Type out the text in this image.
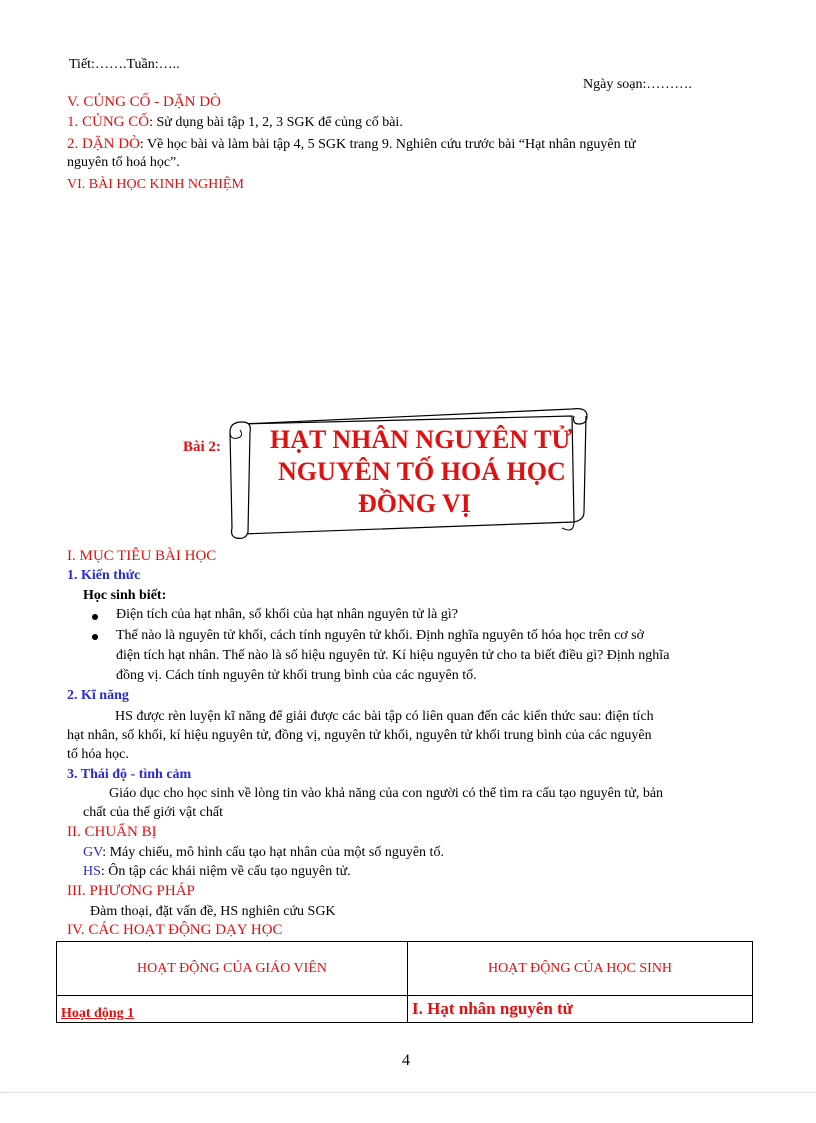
Tiết:…….Tuần:…..
Ngày soạn:……….
V. CỦNG CỐ - DẶN DÒ
1. CỦNG CỐ: Sử dụng bài tập 1, 2, 3 SGK để củng cố bài.
2. DẶN DÒ: Về học bài và làm bài tập 4, 5 SGK trang 9. Nghiên cứu trước bài “Hạt nhân nguyên tử
nguyên tố hoá học”.
VI. BÀI HỌC KINH NGHIỆM
Bài 2: HẠT NHÂN NGUYÊN TỬ
NGUYÊN TỐ HOÁ HỌC
ĐỒNG VỊ
I. MỤC TIÊU BÀI HỌC
1. Kiến thức
Học sinh biết:
Điện tích của hạt nhân, số khối của hạt nhân nguyên tử là gì?
Thế nào là nguyên tử khối, cách tính nguyên tử khối. Định nghĩa nguyên tố hóa học trên cơ sở
điện tích hạt nhân. Thế nào là số hiệu nguyên tử. Kí hiệu nguyên tử cho ta biết điều gì? Định nghĩa
đồng vị. Cách tính nguyên tử khối trung bình của các nguyên tố.
2. Kĩ năng
HS được rèn luyện kĩ năng để giải được các bài tập có liên quan đến các kiến thức sau: điện tích
hạt nhân, số khối, kí hiệu nguyên tử, đồng vị, nguyên tử khối, nguyên tử khối trung bình của các nguyên
tố hóa học.
3. Thái độ - tình cảm
Giáo dục cho học sinh về lòng tin vào khả năng của con người có thể tìm ra cấu tạo nguyên tử, bản
chất của thế giới vật chất
II. CHUẨN BỊ
GV: Máy chiếu, mô hình cấu tạo hạt nhân của một số nguyên tố.
HS: Ôn tập các khái niệm về cấu tạo nguyên tử.
III. PHƯƠNG PHÁP
Đàm thoại, đặt vấn đề, HS nghiên cứu SGK
IV. CÁC HOẠT ĐỘNG DẠY HỌC
HOẠT ĐỘNG CỦA GIÁO VIÊN	HOẠT ĐỘNG CỦA HỌC SINH
Hoạt động 1	I. Hạt nhân nguyên tử
4
